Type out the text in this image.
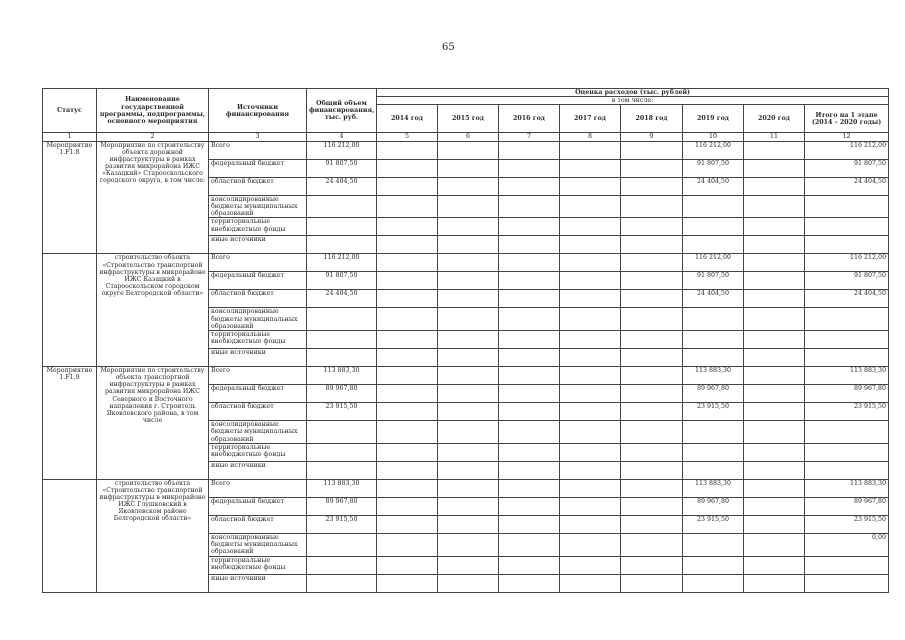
65
Статус	Наименование государственной программы, подпрограммы, основного мероприятия	Источники финансирования	Общий объем финансирования, тыс. руб.	Оценка расходов (тыс. рублей)							
				в том числе:							
				2014 год	2015 год	2016 год	2017 год	2018 год	2019 год	2020 год	Итого на 1 этапе (2014 – 2020 годы)
1	2	3	4	5	6	7	8	9	10	11	12
Мероприятие 1.F1.8	Мероприятие по строительству объекта дорожной инфраструктуры в рамках развития микрорайона ИЖС «Казацкий» Старооскольского городского округа, в том числе:	Всего	116 212,00						116 212,00		116 212,00
		федеральный бюджет	91 807,50						91 807,50		91 807,50
		областной бюджет	24 404,50						24 404,50		24 404,50
		консолидированные бюджеты муниципальных образований									
		территориальные внебюджетные фонды									
		иные источники									
	строительство объекта «Строительство транспортной инфраструктуры в микрорайоне ИЖС Казацкий в Старооскольском городском округе Белгородской области»	Всего	116 212,00						116 212,00		116 212,00
		федеральный бюджет	91 807,50						91 807,50		91 807,50
		областной бюджет	24 404,50						24 404,50		24 404,50
		консолидированные бюджеты муниципальных образований									
		территориальные внебюджетные фонды									
		иные источники									
Мероприятие 1.F1.9	Мероприятие по строительству объекта транспортной инфраструктуры в рамках развития микрорайона ИЖС Северного и Восточного направления г. Строитель Яковлевского района, в том числе	Всего	113 883,30						113 883,30		113 883,30
		федеральный бюджет	89 967,80						89 967,80		89 967,80
		областной бюджет	23 915,50						23 915,50		23 915,50
		консолидированные бюджеты муниципальных образований									
		территориальные внебюджетные фонды									
		иные источники									
	строительство объекта «Строительство транспортной инфраструктуры в микрорайоне ИЖС Глушковский в Яковлевском районе Белгородской области»	Всего	113 883,30						113 883,30		113 883,30
		федеральный бюджет	89 967,80						89 967,80		89 967,80
		областной бюджет	23 915,50						23 915,50		23 915,50
		консолидированные бюджеты муниципальных образований									0,00
		территориальные внебюджетные фонды									
		иные источники									
